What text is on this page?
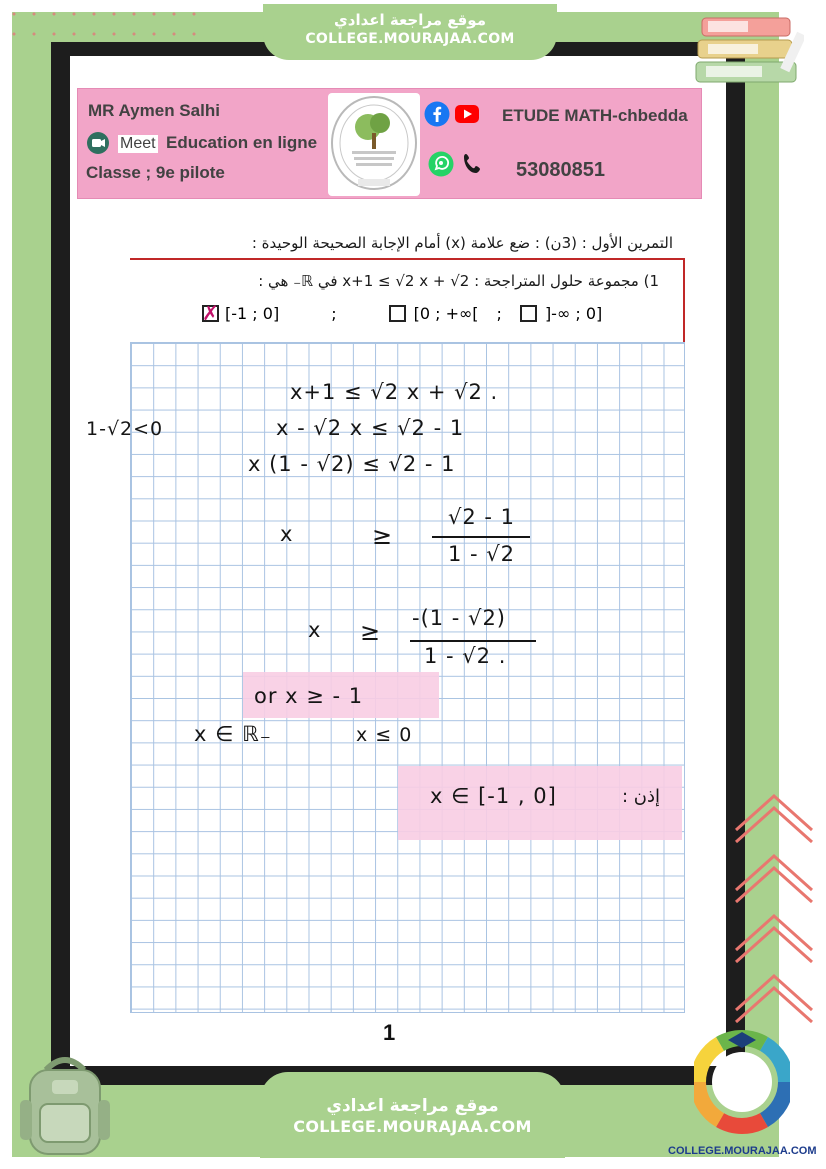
موقع مراجعة اعدادي
COLLEGE.MOURAJAA.COM
MR Aymen Salhi
Meet Education en ligne
Classe ; 9e pilote
ETUDE MATH-chbedda
53080851
التمرين الأول : (3ن) : ضع علامة (x) أمام الإجابة الصحيحة الوحيدة :
1) مجموعة حلول المتراجحة : x+1 ≤ √2 x + √2 في ℝ₋ هي :
✗ [-1 ; 0]	;	[0 ; +∞[ ;	]-∞ ; 0]
1-√2<0
x+1 ≤ √2 x + √2 .
x - √2 x ≤ √2 - 1
x (1 - √2) ≤ √2 - 1
x	≥
√2 - 1
1 - √2
x ≥ -(1 - √2)
1 - √2 .
or x ≥ - 1
x ∈ ℝ₋	x ≤ 0
x ∈ [-1 , 0]	إذن :
1
موقع مراجعة اعدادي
COLLEGE.MOURAJAA.COM
COLLEGE.MOURAJAA.COM
